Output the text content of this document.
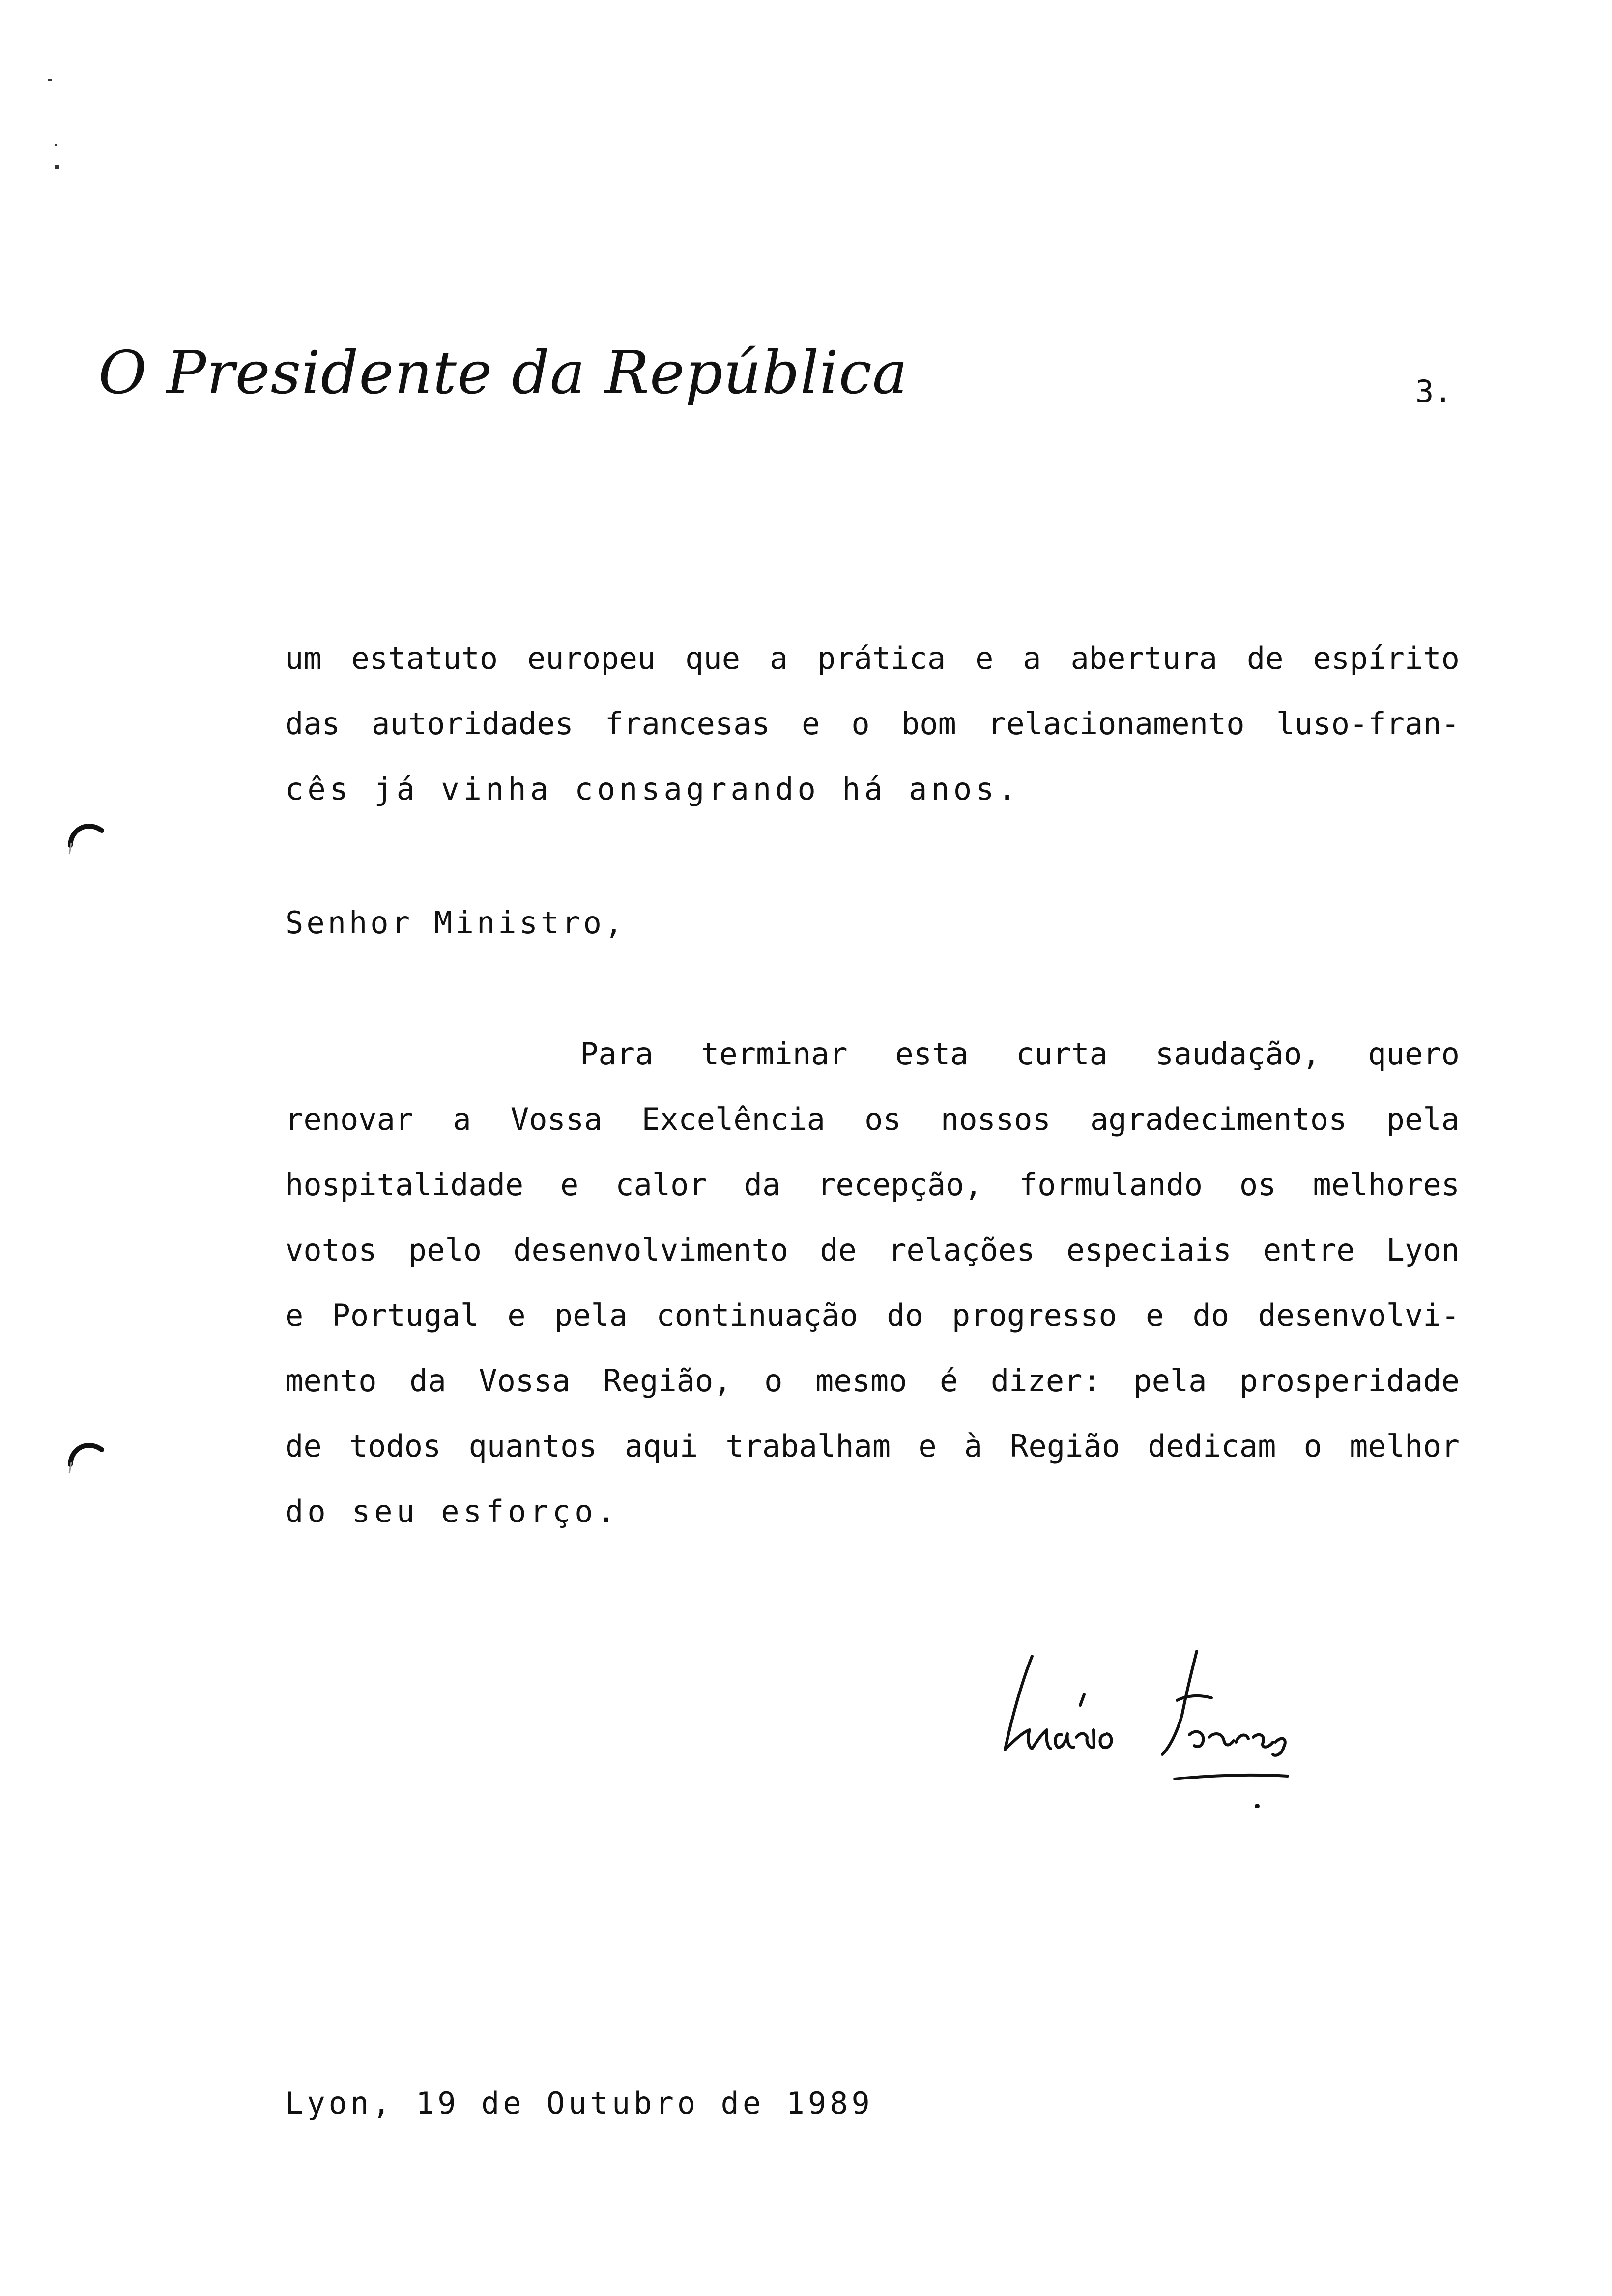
O Presidente da República	3.
um estatuto europeu que a prática e a abertura de espírito
das autoridades francesas e o bom relacionamento luso-fran-
cês já vinha consagrando há anos.
Senhor Ministro,
Para terminar esta curta saudação, quero
renovar a Vossa Excelência os nossos agradecimentos pela
hospitalidade e calor da recepção, formulando os melhores
votos pelo desenvolvimento de relações especiais entre Lyon
e Portugal e pela continuação do progresso e do desenvolvi-
mento da Vossa Região, o mesmo é dizer: pela prosperidade
de todos quantos aqui trabalham e à Região dedicam o melhor
do seu esforço.
Lyon, 19 de Outubro de 1989
